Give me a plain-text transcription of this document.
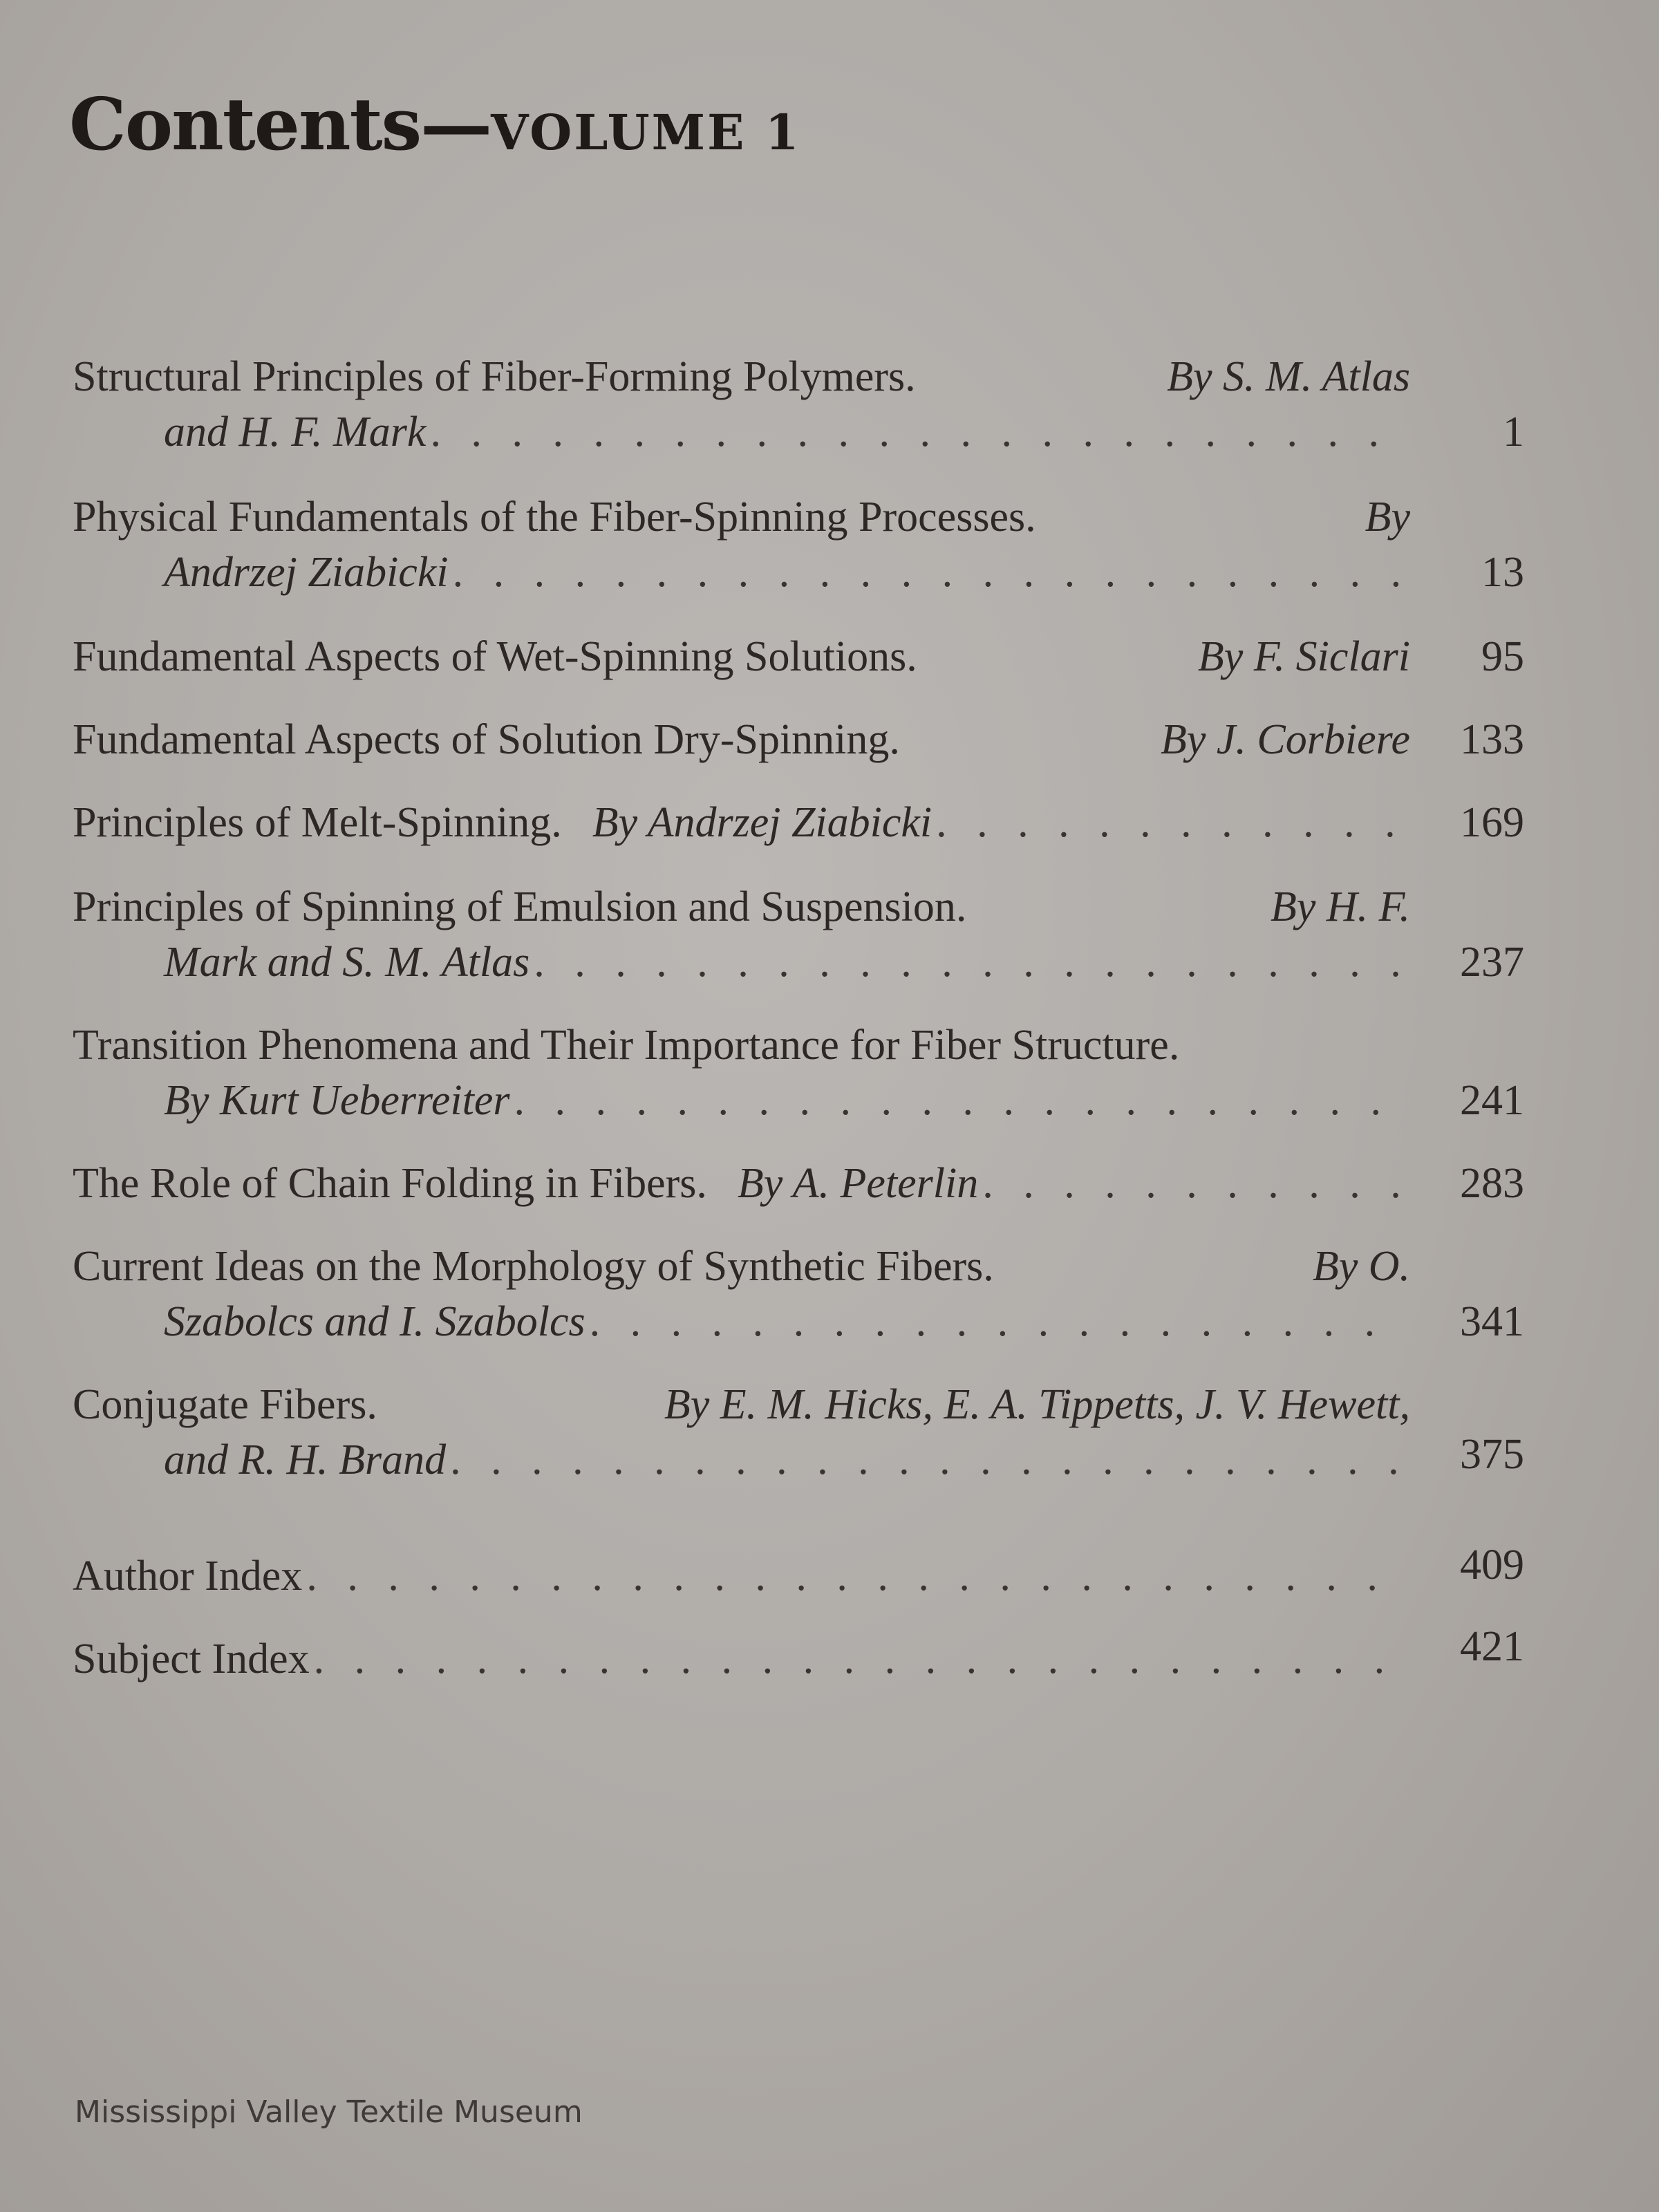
Contents—VOLUME 1
Structural Principles of Fiber-Forming Polymers.	By S. M. Atlas
and H. F. Mark . . .	1
Physical Fundamentals of the Fiber-Spinning Processes.	By
Andrzej Ziabicki . . .	13
Fundamental Aspects of Wet-Spinning Solutions.	By F. Siclari	95
Fundamental Aspects of Solution Dry-Spinning.	By J. Corbiere	133
Principles of Melt-Spinning. By Andrzej Ziabicki . . .	169
Principles of Spinning of Emulsion and Suspension.	By H. F.
Mark and S. M. Atlas . . .	237
Transition Phenomena and Their Importance for Fiber Structure.
By Kurt Ueberreiter . . .	241
The Role of Chain Folding in Fibers. By A. Peterlin . . .	283
Current Ideas on the Morphology of Synthetic Fibers.	By O.
Szabolcs and I. Szabolcs . . .	341
Conjugate Fibers.	By E. M. Hicks, E. A. Tippetts, J. V. Hewett,
and R. H. Brand . . .	375
Author Index . . .	409
Subject Index . . .	421
Mississippi Valley Textile Museum
